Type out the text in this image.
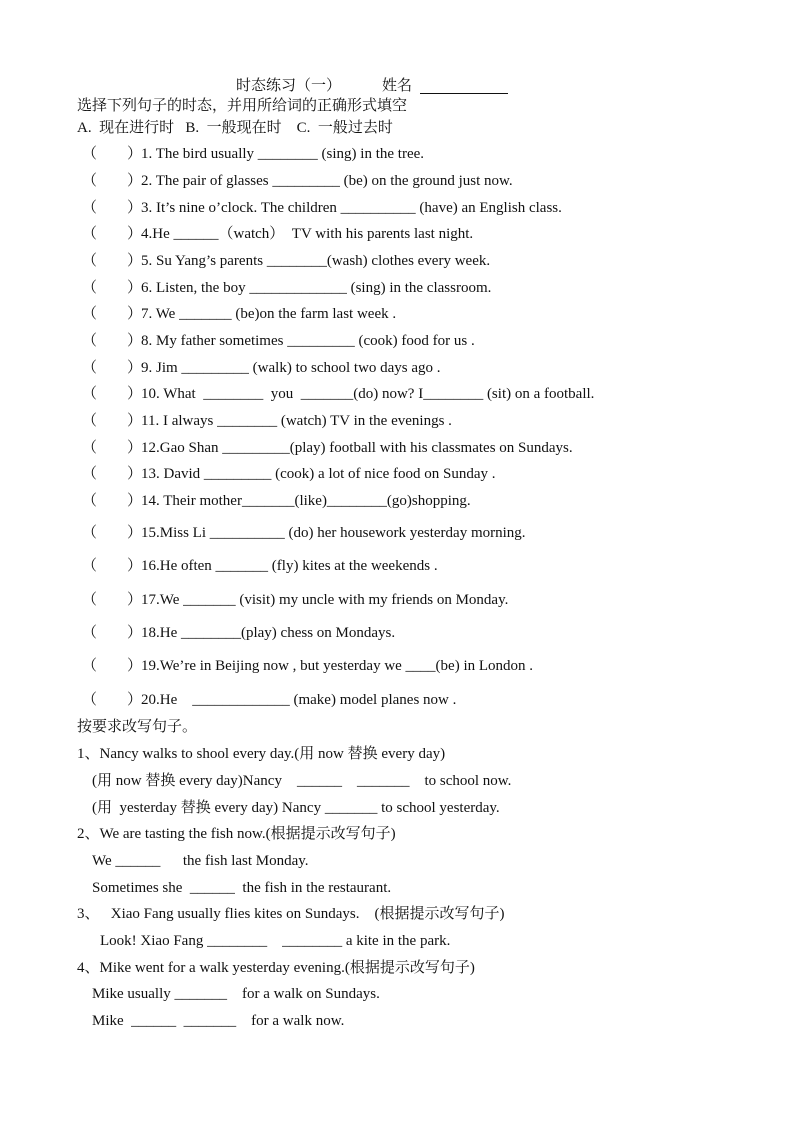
时态练习（一）	姓名
选择下列句子的时态，并用所给词的正确形式填空
A.  现在进行时   B.  一般现在时    C.  一般过去时
（        ）
1. The bird usually ________ (sing) in the tree.
（        ）
2. The pair of glasses _________ (be) on the ground just now.
（        ）
3. It’s nine o’clock. The children __________ (have) an English class.
（        ）
4.He ______（watch）  TV with his parents last night.
（        ）
5. Su Yang’s parents ________(wash) clothes every week.
（        ）
6. Listen, the boy _____________ (sing) in the classroom.
（        ）
7. We _______ (be)on the farm last week .
（        ）
8. My father sometimes _________ (cook) food for us .
（        ）
9. Jim _________ (walk) to school two days ago .
（        ）
10. What  ________  you  _______(do) now? I________ (sit) on a football.
（        ）
11. I always ________ (watch) TV in the evenings .
（        ）
12.Gao Shan _________(play) football with his classmates on Sundays.
（        ）
13. David _________ (cook) a lot of nice food on Sunday .
（        ）
14. Their mother_______(like)________(go)shopping.
（        ）
15.Miss Li __________ (do) her housework yesterday morning.
（        ）
16.He often _______ (fly) kites at the weekends .
（        ）
17.We _______ (visit) my uncle with my friends on Monday.
（        ）
18.He ________(play) chess on Mondays.
（        ）
19.We’re in Beijing now , but yesterday we ____(be) in London .
（        ）
20.He    _____________ (make) model planes now .
按要求改写句子。
1、Nancy walks to shool every day.(用 now 替换 every day)
(用 now 替换 every day)Nancy    ______    _______    to school now.
(用  yesterday 替换 every day) Nancy _______ to school yesterday.
2、We are tasting the fish now.(根据提示改写句子)
We ______      the fish last Monday.
Sometimes she  ______  the fish in the restaurant.
3、   Xiao Fang usually flies kites on Sundays.    (根据提示改写句子)
Look! Xiao Fang ________    ________ a kite in the park.
4、Mike went for a walk yesterday evening.(根据提示改写句子)
Mike usually _______    for a walk on Sundays.
Mike  ______  _______    for a walk now.
